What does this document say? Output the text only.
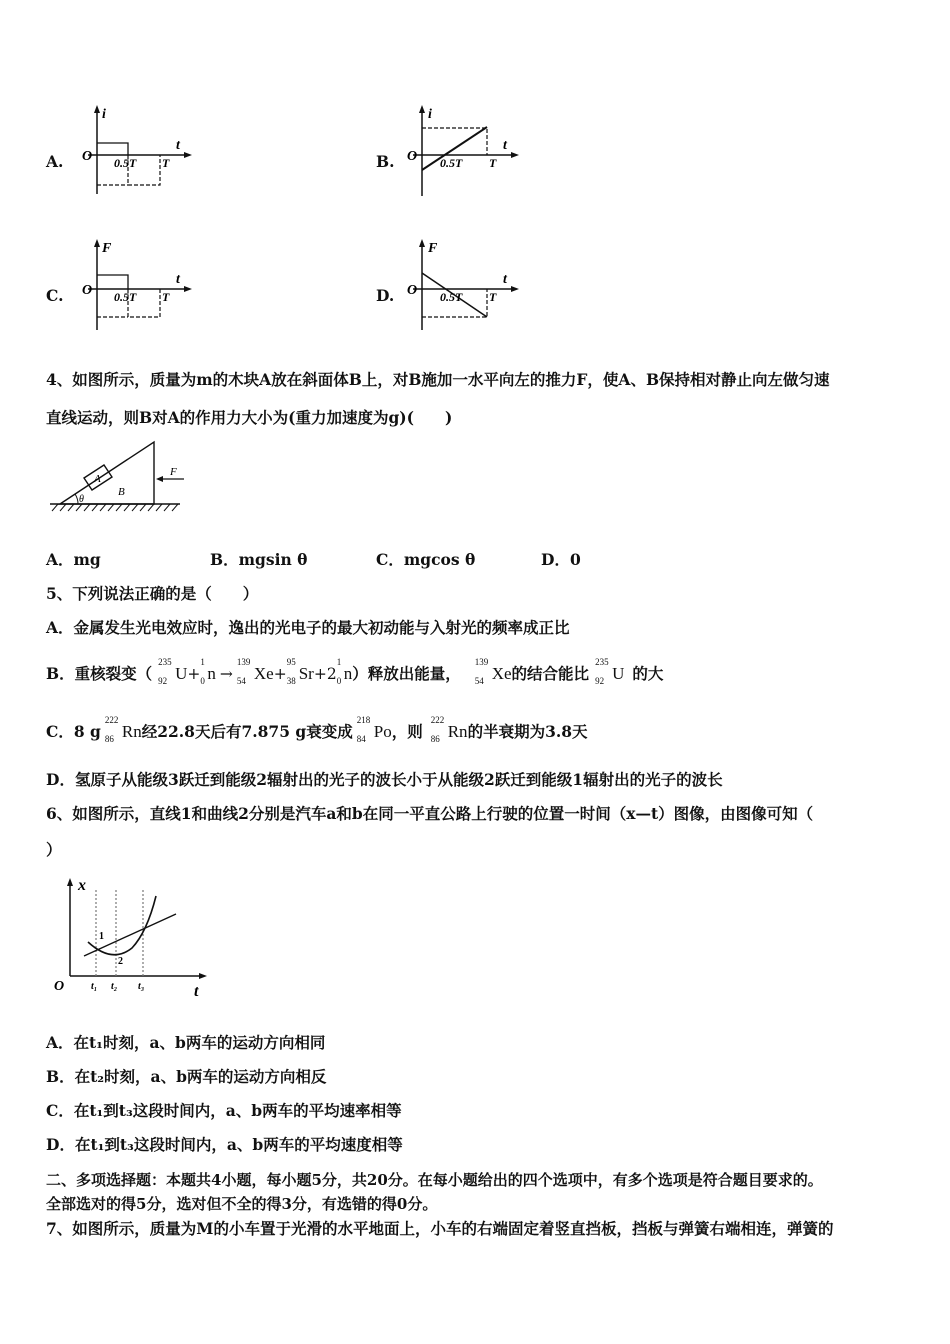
A.
i
t
O 0.5T T	B.
i
t
O 0.5T T
C.
F
t
O 0.5T T	D.
F
t
O 0.5T T
4、如图所示，质量为m的木块A放在斜面体B上，对B施加一水平向左的推力F，使A、B保持相对静止向左做匀速
直线运动，则B对A的作用力大小为(重力加速度为g)(　　)
A
B
F
θ
A．mg	B．mgsin θ	C．mgcos θ	D．0
5、下列说法正确的是（　　）
A．金属发生光电效应时，逸出的光电子的最大初动能与入射光的频率成正比
B．重核裂变（
235
92 U+
1
0 n →
139
54 Xe+
95
38 Sr+2
1
0 n）释放出能量，
139
54 Xe的结合能比
235
92 U 的大
C．8 g
222
86 Rn经22.8天后有7.875 g衰变成
218
84 Po，则
222
86 Rn的半衰期为3.8天
D．氢原子从能级3跃迁到能级2辐射出的光子的波长小于从能级2跃迁到能级1辐射出的光子的波长
6、如图所示，直线1和曲线2分别是汽车a和b在同一平直公路上行驶的位置一时间（x—t）图像，由图像可知（
）
x
t
O
1
2
t₁ t₂ t₃
A．在t₁时刻，a、b两车的运动方向相同
B．在t₂时刻，a、b两车的运动方向相反
C．在t₁到t₃这段时间内，a、b两车的平均速率相等
D．在t₁到t₃这段时间内，a、b两车的平均速度相等
二、多项选择题：本题共4小题，每小题5分，共20分。在每小题给出的四个选项中，有多个选项是符合题目要求的。
全部选对的得5分，选对但不全的得3分，有选错的得0分。
7、如图所示，质量为M的小车置于光滑的水平地面上，小车的右端固定着竖直挡板，挡板与弹簧右端相连，弹簧的
